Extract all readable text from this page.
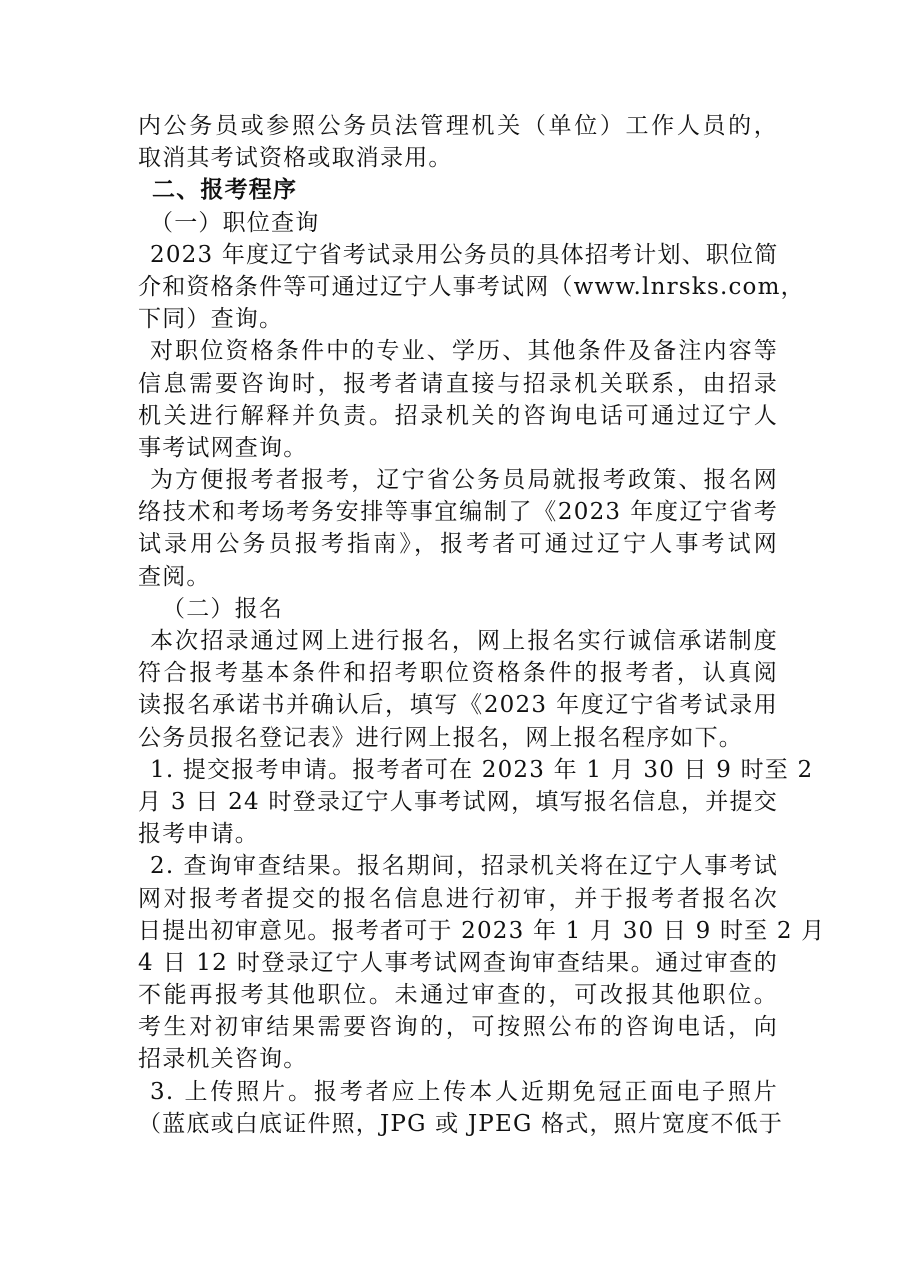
内公务员或参照公务员法管理机关（单位）工作人员的，
取消其考试资格或取消录用。
二、报考程序
（一）职位查询
2023 年度辽宁省考试录用公务员的具体招考计划、职位简
介和资格条件等可通过辽宁人事考试网（www.lnrsks.com，
下同）查询。
对职位资格条件中的专业、学历、其他条件及备注内容等
信息需要咨询时，报考者请直接与招录机关联系，由招录
机关进行解释并负责。招录机关的咨询电话可通过辽宁人
事考试网查询。
为方便报考者报考，辽宁省公务员局就报考政策、报名网
络技术和考场考务安排等事宜编制了《2023 年度辽宁省考
试录用公务员报考指南》，报考者可通过辽宁人事考试网
查阅。
（二）报名
本次招录通过网上进行报名，网上报名实行诚信承诺制度
符合报考基本条件和招考职位资格条件的报考者，认真阅
读报名承诺书并确认后，填写《2023 年度辽宁省考试录用
公务员报名登记表》进行网上报名，网上报名程序如下。
1. 提交报考申请。报考者可在 2023 年 1 月 30 日 9 时至 2
月 3 日 24 时登录辽宁人事考试网，填写报名信息，并提交
报考申请。
2. 查询审查结果。报名期间，招录机关将在辽宁人事考试
网对报考者提交的报名信息进行初审，并于报考者报名次
日提出初审意见。报考者可于 2023 年 1 月 30 日 9 时至 2 月
4 日 12 时登录辽宁人事考试网查询审查结果。通过审查的
不能再报考其他职位。未通过审查的，可改报其他职位。
考生对初审结果需要咨询的，可按照公布的咨询电话，向
招录机关咨询。
3. 上传照片。报考者应上传本人近期免冠正面电子照片
（蓝底或白底证件照，JPG 或 JPEG 格式，照片宽度不低于
